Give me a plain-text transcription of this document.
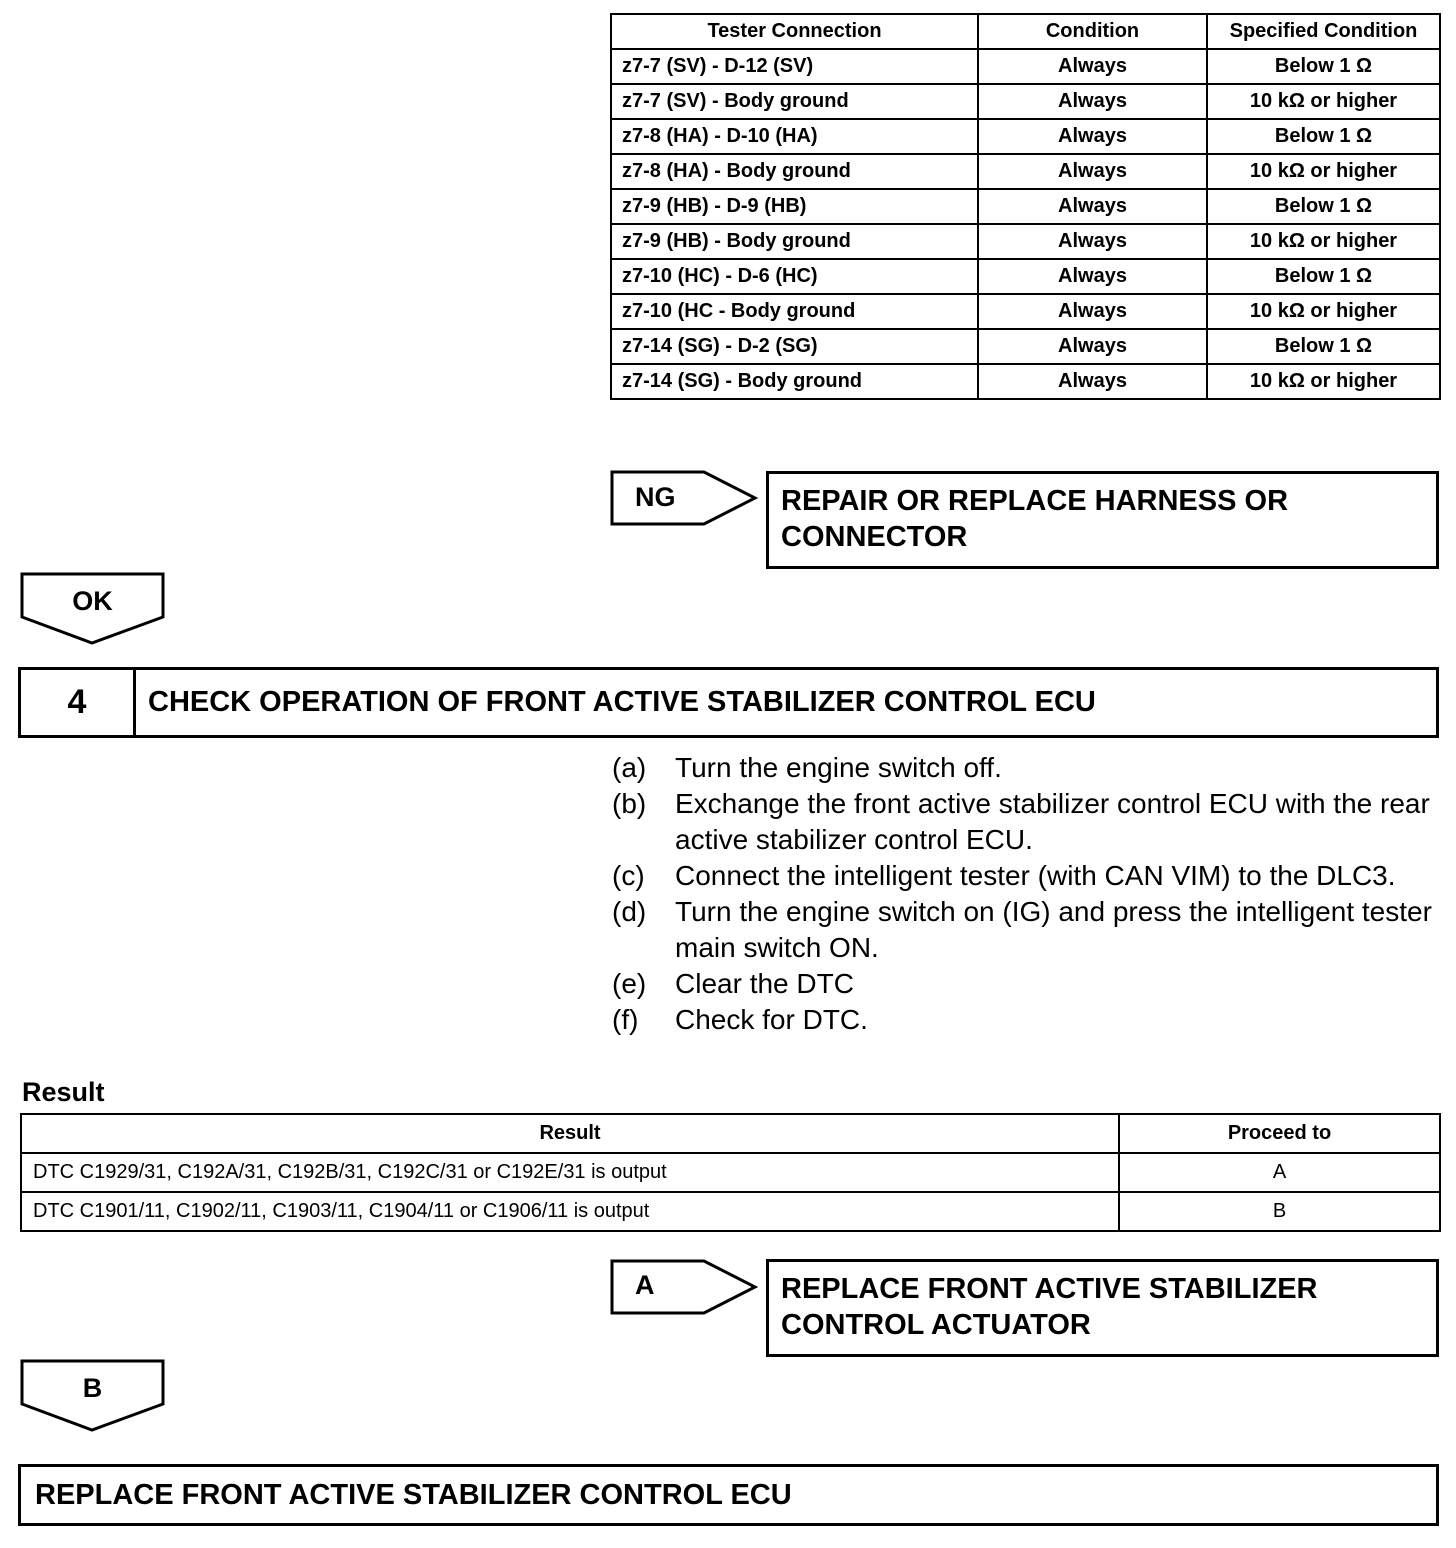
Tester Connection	Condition	Specified Condition
z7-7 (SV) - D-12 (SV)	Always	Below 1 Ω
z7-7 (SV) - Body ground	Always	10 kΩ or higher
z7-8 (HA) - D-10 (HA)	Always	Below 1 Ω
z7-8 (HA) - Body ground	Always	10 kΩ or higher
z7-9 (HB) - D-9 (HB)	Always	Below 1 Ω
z7-9 (HB) - Body ground	Always	10 kΩ or higher
z7-10 (HC) - D-6 (HC)	Always	Below 1 Ω
z7-10 (HC - Body ground	Always	10 kΩ or higher
z7-14 (SG) - D-2 (SG)	Always	Below 1 Ω
z7-14 (SG) - Body ground	Always	10 kΩ or higher
NG	REPAIR OR REPLACE HARNESS OR CONNECTOR
OK
4	CHECK OPERATION OF FRONT ACTIVE STABILIZER CONTROL ECU
(a)	Turn the engine switch off.
(b)	Exchange the front active stabilizer control ECU with the rear active stabilizer control ECU.
(c)	Connect the intelligent tester (with CAN VIM) to the DLC3.
(d)	Turn the engine switch on (IG) and press the intelligent tester main switch ON.
(e)	Clear the DTC
(f)	Check for DTC.
Result
Result	Proceed to
DTC C1929/31, C192A/31, C192B/31, C192C/31 or C192E/31 is output	A
DTC C1901/11, C1902/11, C1903/11, C1904/11 or C1906/11 is output	B
A	REPLACE FRONT ACTIVE STABILIZER CONTROL ACTUATOR
B
REPLACE FRONT ACTIVE STABILIZER CONTROL ECU
